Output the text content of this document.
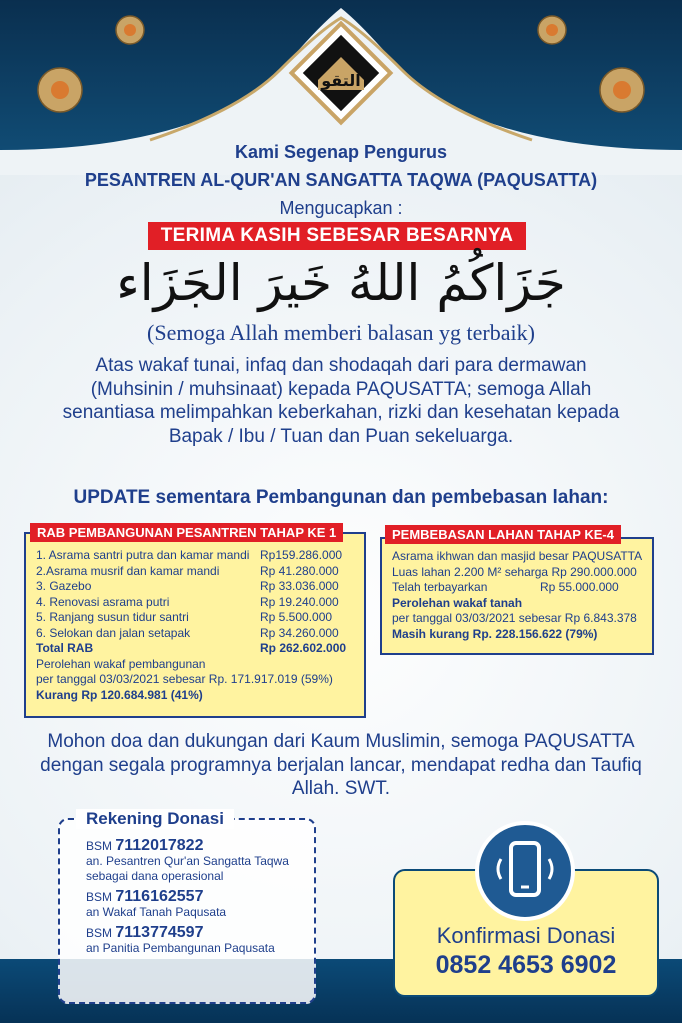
التقو
Kami Segenap Pengurus
PESANTREN AL-QUR'AN SANGATTA TAQWA (PAQUSATTA)
Mengucapkan :
TERIMA KASIH SEBESAR BESARNYA
جَزَاكُمُ اللهُ خَيرَ الجَزَاء
(Semoga Allah memberi balasan yg terbaik)
Atas wakaf tunai, infaq dan shodaqah dari para dermawan (Muhsinin / muhsinaat) kepada PAQUSATTA; semoga Allah senantiasa melimpahkan keberkahan, rizki dan kesehatan kepada Bapak / Ibu / Tuan dan Puan sekeluarga.
UPDATE sementara Pembangunan dan pembebasan lahan:
1. Asrama santri putra dan kamar mandi Rp159.286.000
2.Asrama musrif dan kamar mandi	Rp 41.280.000
3. Gazebo	Rp 33.036.000
4. Renovasi asrama putri	Rp 19.240.000
5. Ranjang susun tidur santri	Rp 5.500.000
6. Selokan dan jalan setapak	Rp 34.260.000
Total RAB	Rp 262.602.000
Perolehan wakaf pembangunan
per tanggal 03/03/2021 sebesar Rp. 171.917.019 (59%)
Kurang Rp 120.684.981 (41%)
RAB PEMBANGUNAN PESANTREN TAHAP KE 1
Asrama ikhwan dan masjid besar PAQUSATTA
Luas lahan 2.200 M² seharga Rp 290.000.000
Telah terbayarkan	Rp 55.000.000
Perolehan wakaf tanah
per tanggal 03/03/2021 sebesar Rp 6.843.378
Masih kurang Rp. 228.156.622 (79%)
PEMBEBASAN LAHAN TAHAP KE-4
Mohon doa dan dukungan dari Kaum Muslimin, semoga PAQUSATTA dengan segala programnya berjalan lancar, mendapat redha dan Taufiq Allah. SWT.
BSM 7112017822
an. Pesantren Qur'an Sangatta Taqwa
sebagai dana operasional
BSM 7116162557
an Wakaf Tanah Paqusata
BSM 7113774597
an Panitia Pembangunan Paqusata
Rekening Donasi
Konfirmasi Donasi
0852 4653 6902
